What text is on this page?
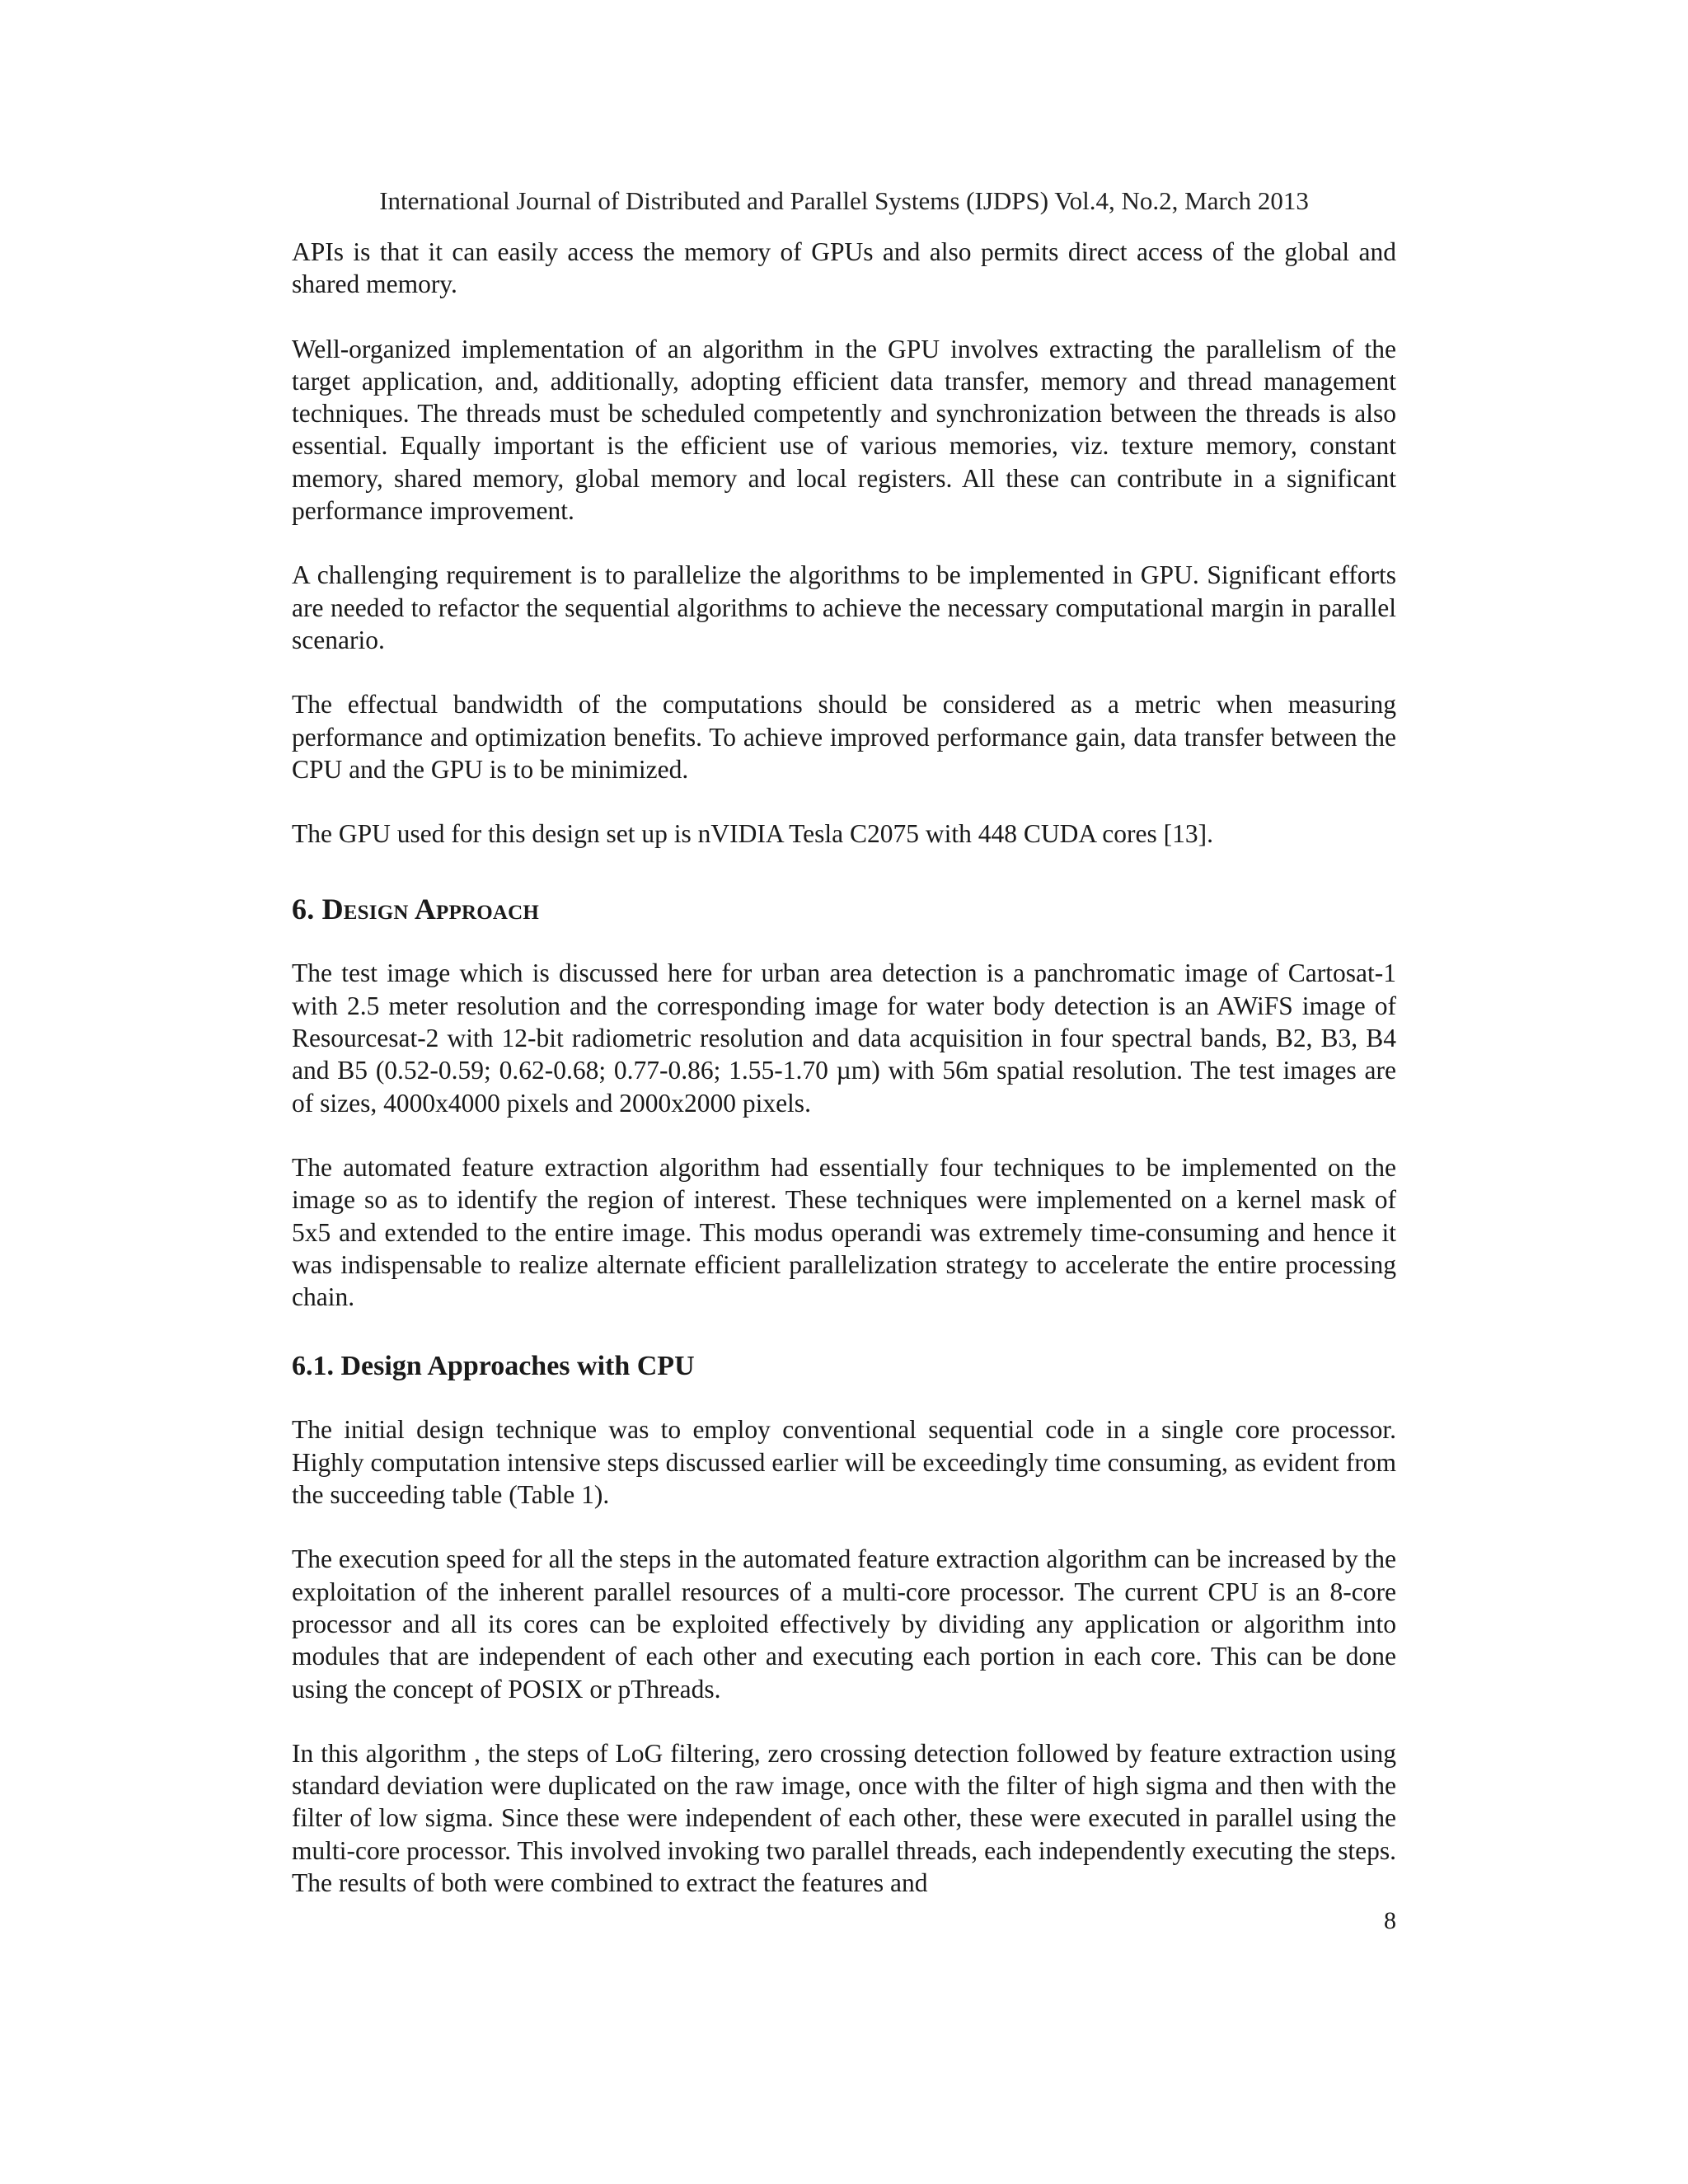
International Journal of Distributed and Parallel Systems (IJDPS) Vol.4, No.2, March 2013

APIs is that it can easily access the memory of GPUs and also permits direct access of the global and shared memory.

Well-organized implementation of an algorithm in the GPU involves extracting the parallelism of the target application, and, additionally, adopting efficient data transfer, memory and thread management techniques. The threads must be scheduled competently and synchronization between the threads is also essential. Equally important is the efficient use of various memories, viz. texture memory, constant memory, shared memory, global memory and local registers. All these can contribute in a significant performance improvement.

A challenging requirement is to parallelize the algorithms to be implemented in GPU. Significant efforts are needed to refactor the sequential algorithms to achieve the necessary computational margin in parallel scenario.

The effectual bandwidth of the computations should be considered as a metric when measuring performance and optimization benefits. To achieve improved performance gain, data transfer between the CPU and the GPU is to be minimized.

The GPU used for this design set up is nVIDIA Tesla C2075 with 448 CUDA cores [13].

6. Design Approach

The test image which is discussed here for urban area detection is a panchromatic image of Cartosat-1 with 2.5 meter resolution and the corresponding image for water body detection is an AWiFS image of Resourcesat-2 with 12-bit radiometric resolution and data acquisition in four spectral bands, B2, B3, B4 and B5 (0.52-0.59; 0.62-0.68; 0.77-0.86; 1.55-1.70 µm) with 56m spatial resolution. The test images are of sizes, 4000x4000 pixels and 2000x2000 pixels.

The automated feature extraction algorithm had essentially four techniques to be implemented on the image so as to identify the region of interest. These techniques were implemented on a kernel mask of 5x5 and extended to the entire image. This modus operandi was extremely time-consuming and hence it was indispensable to realize alternate efficient parallelization strategy to accelerate the entire processing chain.

6.1. Design Approaches with CPU

The initial design technique was to employ conventional sequential code in a single core processor. Highly computation intensive steps discussed earlier will be exceedingly time consuming, as evident from the succeeding table (Table 1).

The execution speed for all the steps in the automated feature extraction algorithm can be increased by the exploitation of the inherent parallel resources of a multi-core processor. The current CPU is an 8-core processor and all its cores can be exploited effectively by dividing any application or algorithm into modules that are independent of each other and executing each portion in each core. This can be done using the concept of POSIX or pThreads.

In this algorithm , the steps of LoG filtering, zero crossing detection followed by feature extraction using standard deviation were duplicated on the raw image, once with the filter of high sigma and then with the filter of low sigma. Since these were independent of each other, these were executed in parallel using the multi-core processor. This involved invoking two parallel threads, each independently executing the steps. The results of both were combined to extract the features and

8
